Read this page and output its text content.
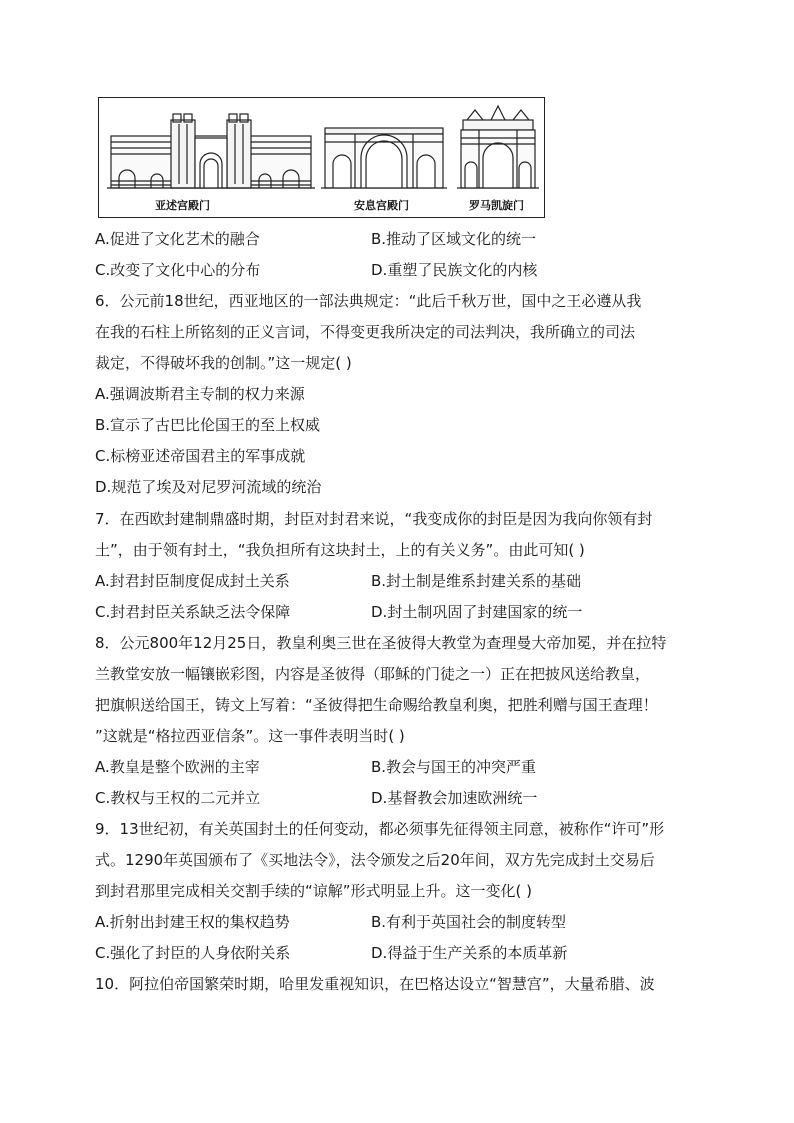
亚述宫殿门	安息宫殿门	罗马凯旋门
A.促进了文化艺术的融合	B.推动了区域文化的统一
C.改变了文化中心的分布	D.重塑了民族文化的内核
6．公元前18世纪，西亚地区的一部法典规定：“此后千秋万世，国中之王必遵从我
在我的石柱上所铭刻的正义言词，不得变更我所决定的司法判决，我所确立的司法
裁定，不得破坏我的创制。”这一规定( )
A.强调波斯君主专制的权力来源
B.宣示了古巴比伦国王的至上权威
C.标榜亚述帝国君主的军事成就
D.规范了埃及对尼罗河流域的统治
7．在西欧封建制鼎盛时期，封臣对封君来说，“我变成你的封臣是因为我向你领有封
土”，由于领有封土，“我负担所有这块封土，上的有关义务”。由此可知( )
A.封君封臣制度促成封土关系	B.封土制是维系封建关系的基础
C.封君封臣关系缺乏法令保障	D.封土制巩固了封建国家的统一
8．公元800年12月25日，教皇利奥三世在圣彼得大教堂为查理曼大帝加冕，并在拉特
兰教堂安放一幅镶嵌彩图，内容是圣彼得（耶稣的门徒之一）正在把披风送给教皇，
把旗帜送给国王，铸文上写着：“圣彼得把生命赐给教皇利奥，把胜利赠与国王查理！
”这就是“格拉西亚信条”。这一事件表明当时( )
A.教皇是整个欧洲的主宰	B.教会与国王的冲突严重
C.教权与王权的二元并立	D.基督教会加速欧洲统一
9．13世纪初，有关英国封土的任何变动，都必须事先征得领主同意，被称作“许可”形
式。1290年英国颁布了《买地法令》，法令颁发之后20年间，双方先完成封土交易后
到封君那里完成相关交割手续的“谅解”形式明显上升。这一变化( )
A.折射出封建王权的集权趋势	B.有利于英国社会的制度转型
C.强化了封臣的人身依附关系	D.得益于生产关系的本质革新
10．阿拉伯帝国繁荣时期，哈里发重视知识，在巴格达设立“智慧宫”，大量希腊、波
